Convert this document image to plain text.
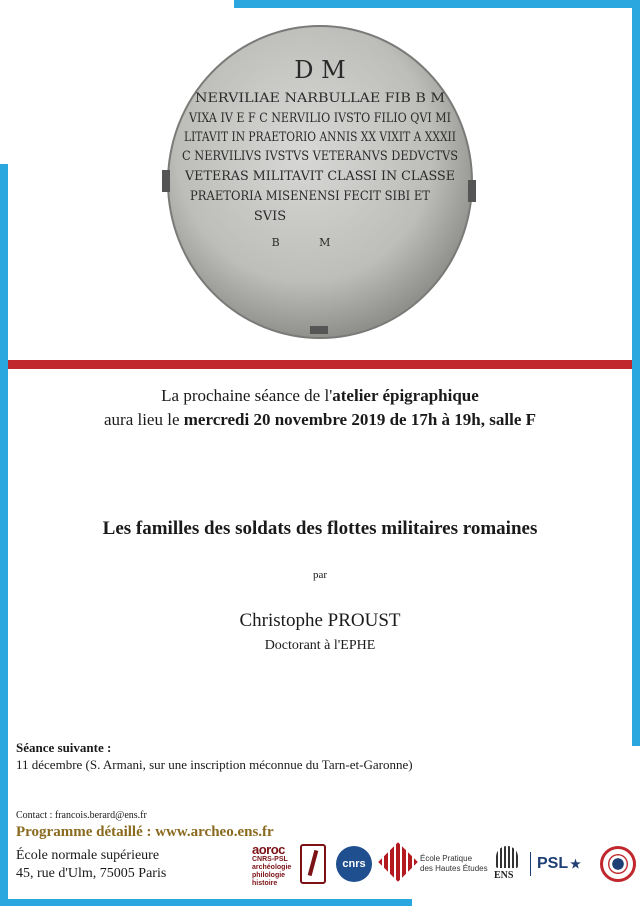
D M
NERVILIAE NARBULLAE FIB B M
VIXA IV E F C NERVILIO IVSTO FILIO QVI MI
LITAVIT IN PRAETORIO ANNIS XX VIXIT A XXXII
C NERVILIVS IVSTVS VETERANVS DEDVCTVS
VETERAS MILITAVIT CLASSI IN CLASSE
PRAETORIA MISENENSI FECIT SIBI ET
SVIS
B M
La prochaine séance de l'atelier épigraphique
aura lieu le mercredi 20 novembre 2019 de 17h à 19h, salle F
Les familles des soldats des flottes militaires romaines
par
Christophe PROUST
Doctorant à l'EPHE
Séance suivante :
11 décembre (S. Armani, sur une inscription méconnue du Tarn-et-Garonne)
Contact : francois.berard@ens.fr
Programme détaillé : www.archeo.ens.fr
École normale supérieure
45, rue d'Ulm, 75005 Paris
aoroc
CNRS-PSL
archéologie
philologie
histoire
cnrs	École Pratique
des Hautes Études
ENS
PSL ★
